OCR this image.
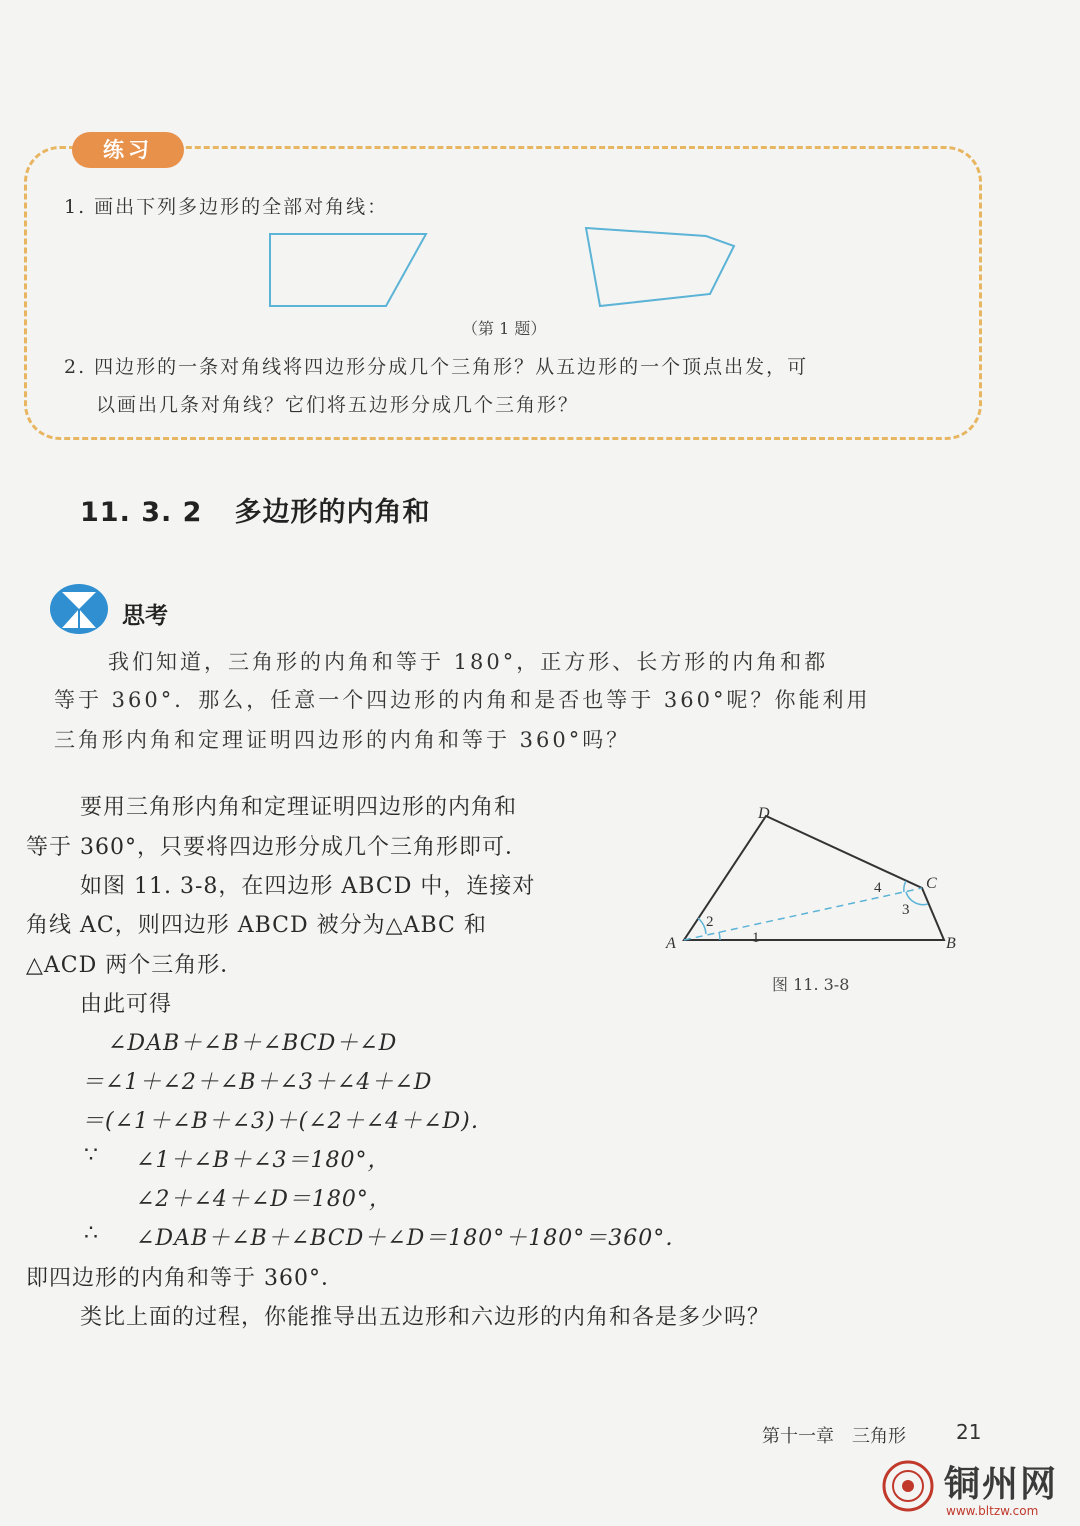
练习
1. 画出下列多边形的全部对角线：
（第 1 题）
2. 四边形的一条对角线将四边形分成几个三角形？从五边形的一个顶点出发，可
以画出几条对角线？它们将五边形分成几个三角形？
11. 3. 2 多边形的内角和
思考
我们知道，三角形的内角和等于 180°，正方形、长方形的内角和都
等于 360°．那么，任意一个四边形的内角和是否也等于 360°呢？你能利用
三角形内角和定理证明四边形的内角和等于 360°吗？
要用三角形内角和定理证明四边形的内角和
等于 360°，只要将四边形分成几个三角形即可．
如图 11. 3-8，在四边形 ABCD 中，连接对
角线 AC，则四边形 ABCD 被分为△ABC 和
△ACD 两个三角形．
由此可得
∠DAB＋∠B＋∠BCD＋∠D
＝∠1＋∠2＋∠B＋∠3＋∠4＋∠D
＝(∠1＋∠B＋∠3)＋(∠2＋∠4＋∠D)．
∵ ∠1＋∠B＋∠3＝180°，
∠2＋∠4＋∠D＝180°，
∴ ∠DAB＋∠B＋∠BCD＋∠D＝180°＋180°＝360°．
即四边形的内角和等于 360°．
类比上面的过程，你能推导出五边形和六边形的内角和各是多少吗？
A	B
C
D
1
2
3
4
图 11. 3-8
第十一章　三角形	21
铜州网
www.bltzw.com
